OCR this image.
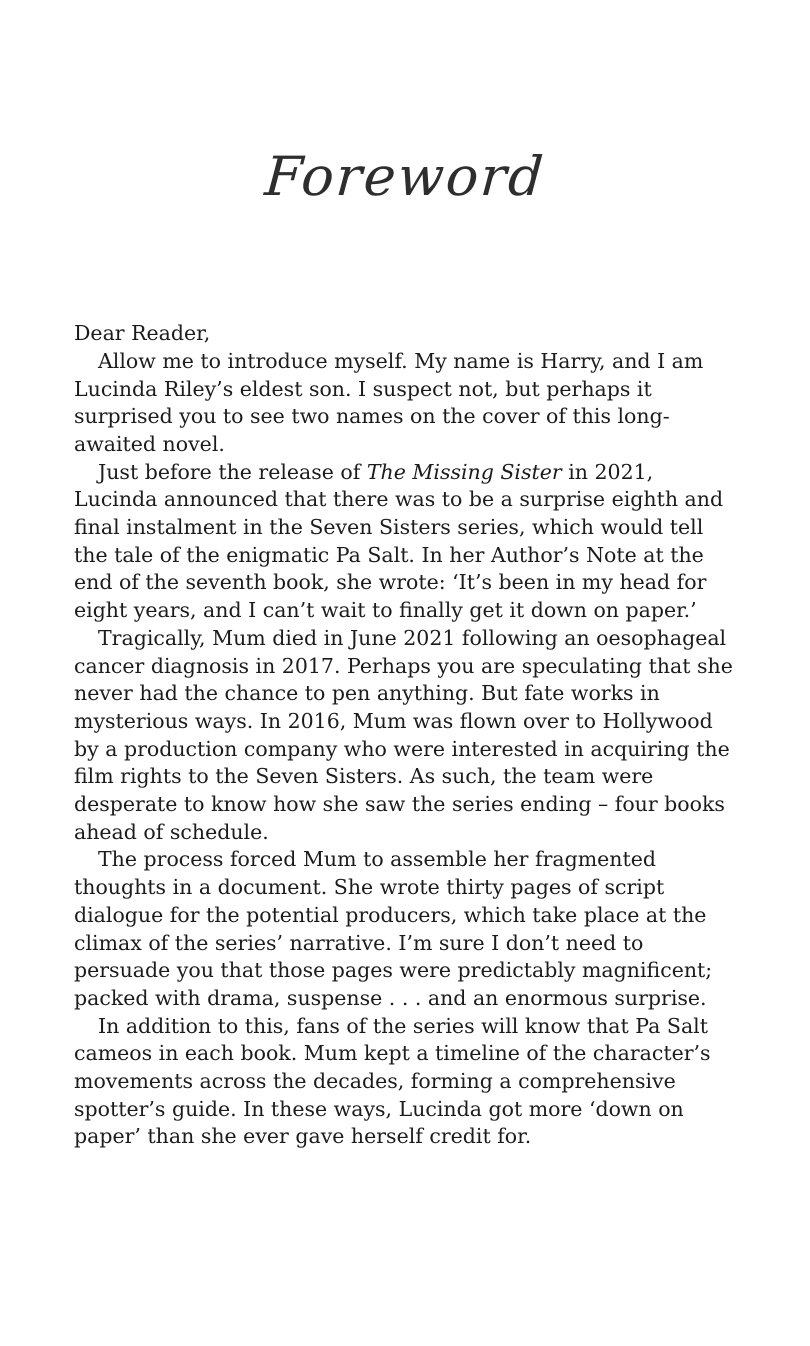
Foreword

Dear Reader,

Allow me to introduce myself. My name is Harry, and I am Lucinda Riley’s eldest son. I suspect not, but perhaps it surprised you to see two names on the cover of this long-awaited novel.

Just before the release of The Missing Sister in 2021, Lucinda announced that there was to be a surprise eighth and final instalment in the Seven Sisters series, which would tell the tale of the enigmatic Pa Salt. In her Author’s Note at the end of the seventh book, she wrote: ‘It’s been in my head for eight years, and I can’t wait to finally get it down on paper.’

Tragically, Mum died in June 2021 following an oesophageal cancer diagnosis in 2017. Perhaps you are speculating that she never had the chance to pen anything. But fate works in mysterious ways. In 2016, Mum was flown over to Hollywood by a production company who were interested in acquiring the film rights to the Seven Sisters. As such, the team were desperate to know how she saw the series ending – four books ahead of schedule.

The process forced Mum to assemble her fragmented thoughts in a document. She wrote thirty pages of script dialogue for the potential producers, which take place at the climax of the series’ narrative. I’m sure I don’t need to persuade you that those pages were predictably magnificent; packed with drama, suspense . . . and an enormous surprise.

In addition to this, fans of the series will know that Pa Salt cameos in each book. Mum kept a timeline of the character’s movements across the decades, forming a comprehensive spotter’s guide. In these ways, Lucinda got more ‘down on paper’ than she ever gave herself credit for.
